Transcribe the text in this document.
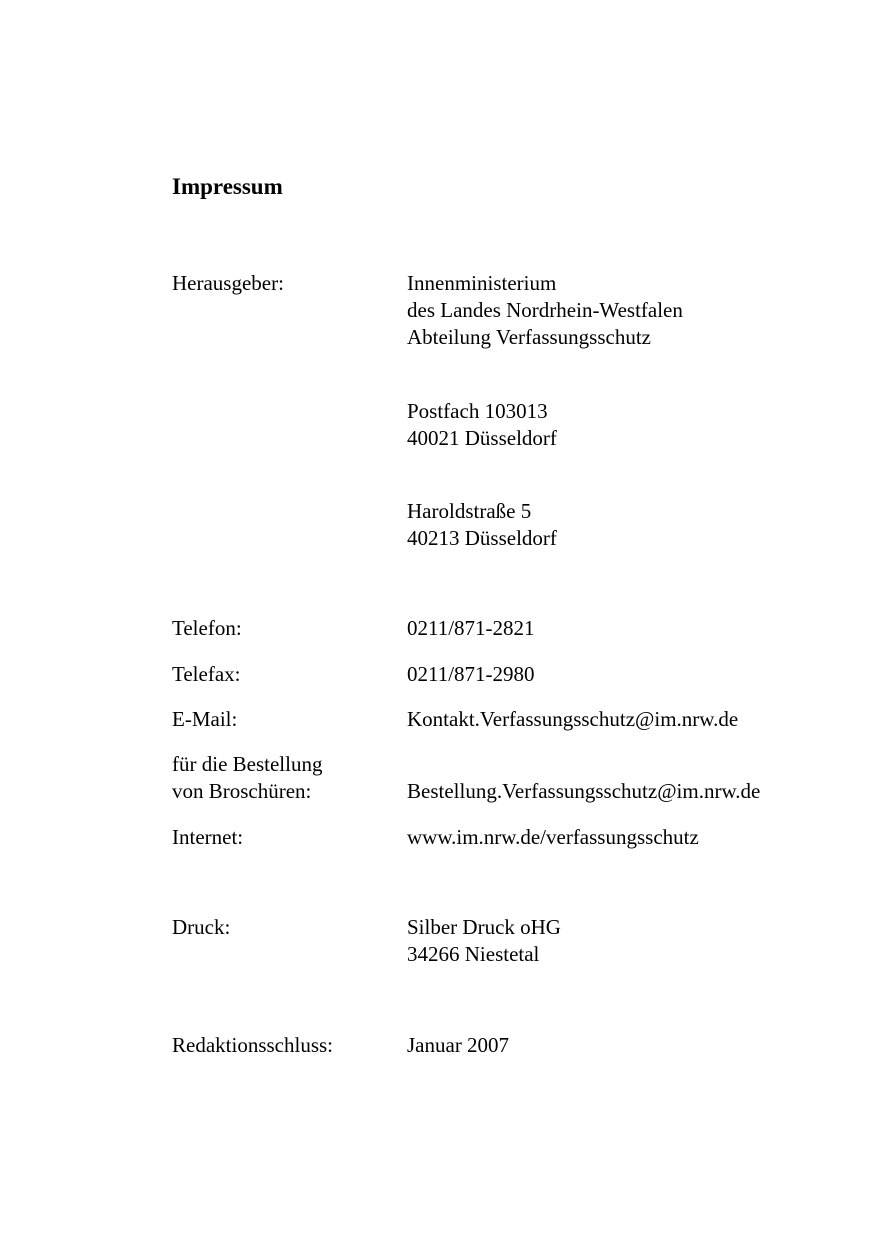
Impressum
Herausgeber:	Innenministerium
des Landes Nordrhein-Westfalen
Abteilung Verfassungsschutz
Postfach 103013
40021 Düsseldorf
Haroldstraße 5
40213 Düsseldorf
Telefon:	0211/871-2821
Telefax:	0211/871-2980
E-Mail:	Kontakt.Verfassungsschutz@im.nrw.de
für die Bestellung
von Broschüren:	Bestellung.Verfassungsschutz@im.nrw.de
Internet:	www.im.nrw.de/verfassungsschutz
Druck:	Silber Druck oHG
34266 Niestetal
Redaktionsschluss:	Januar 2007
